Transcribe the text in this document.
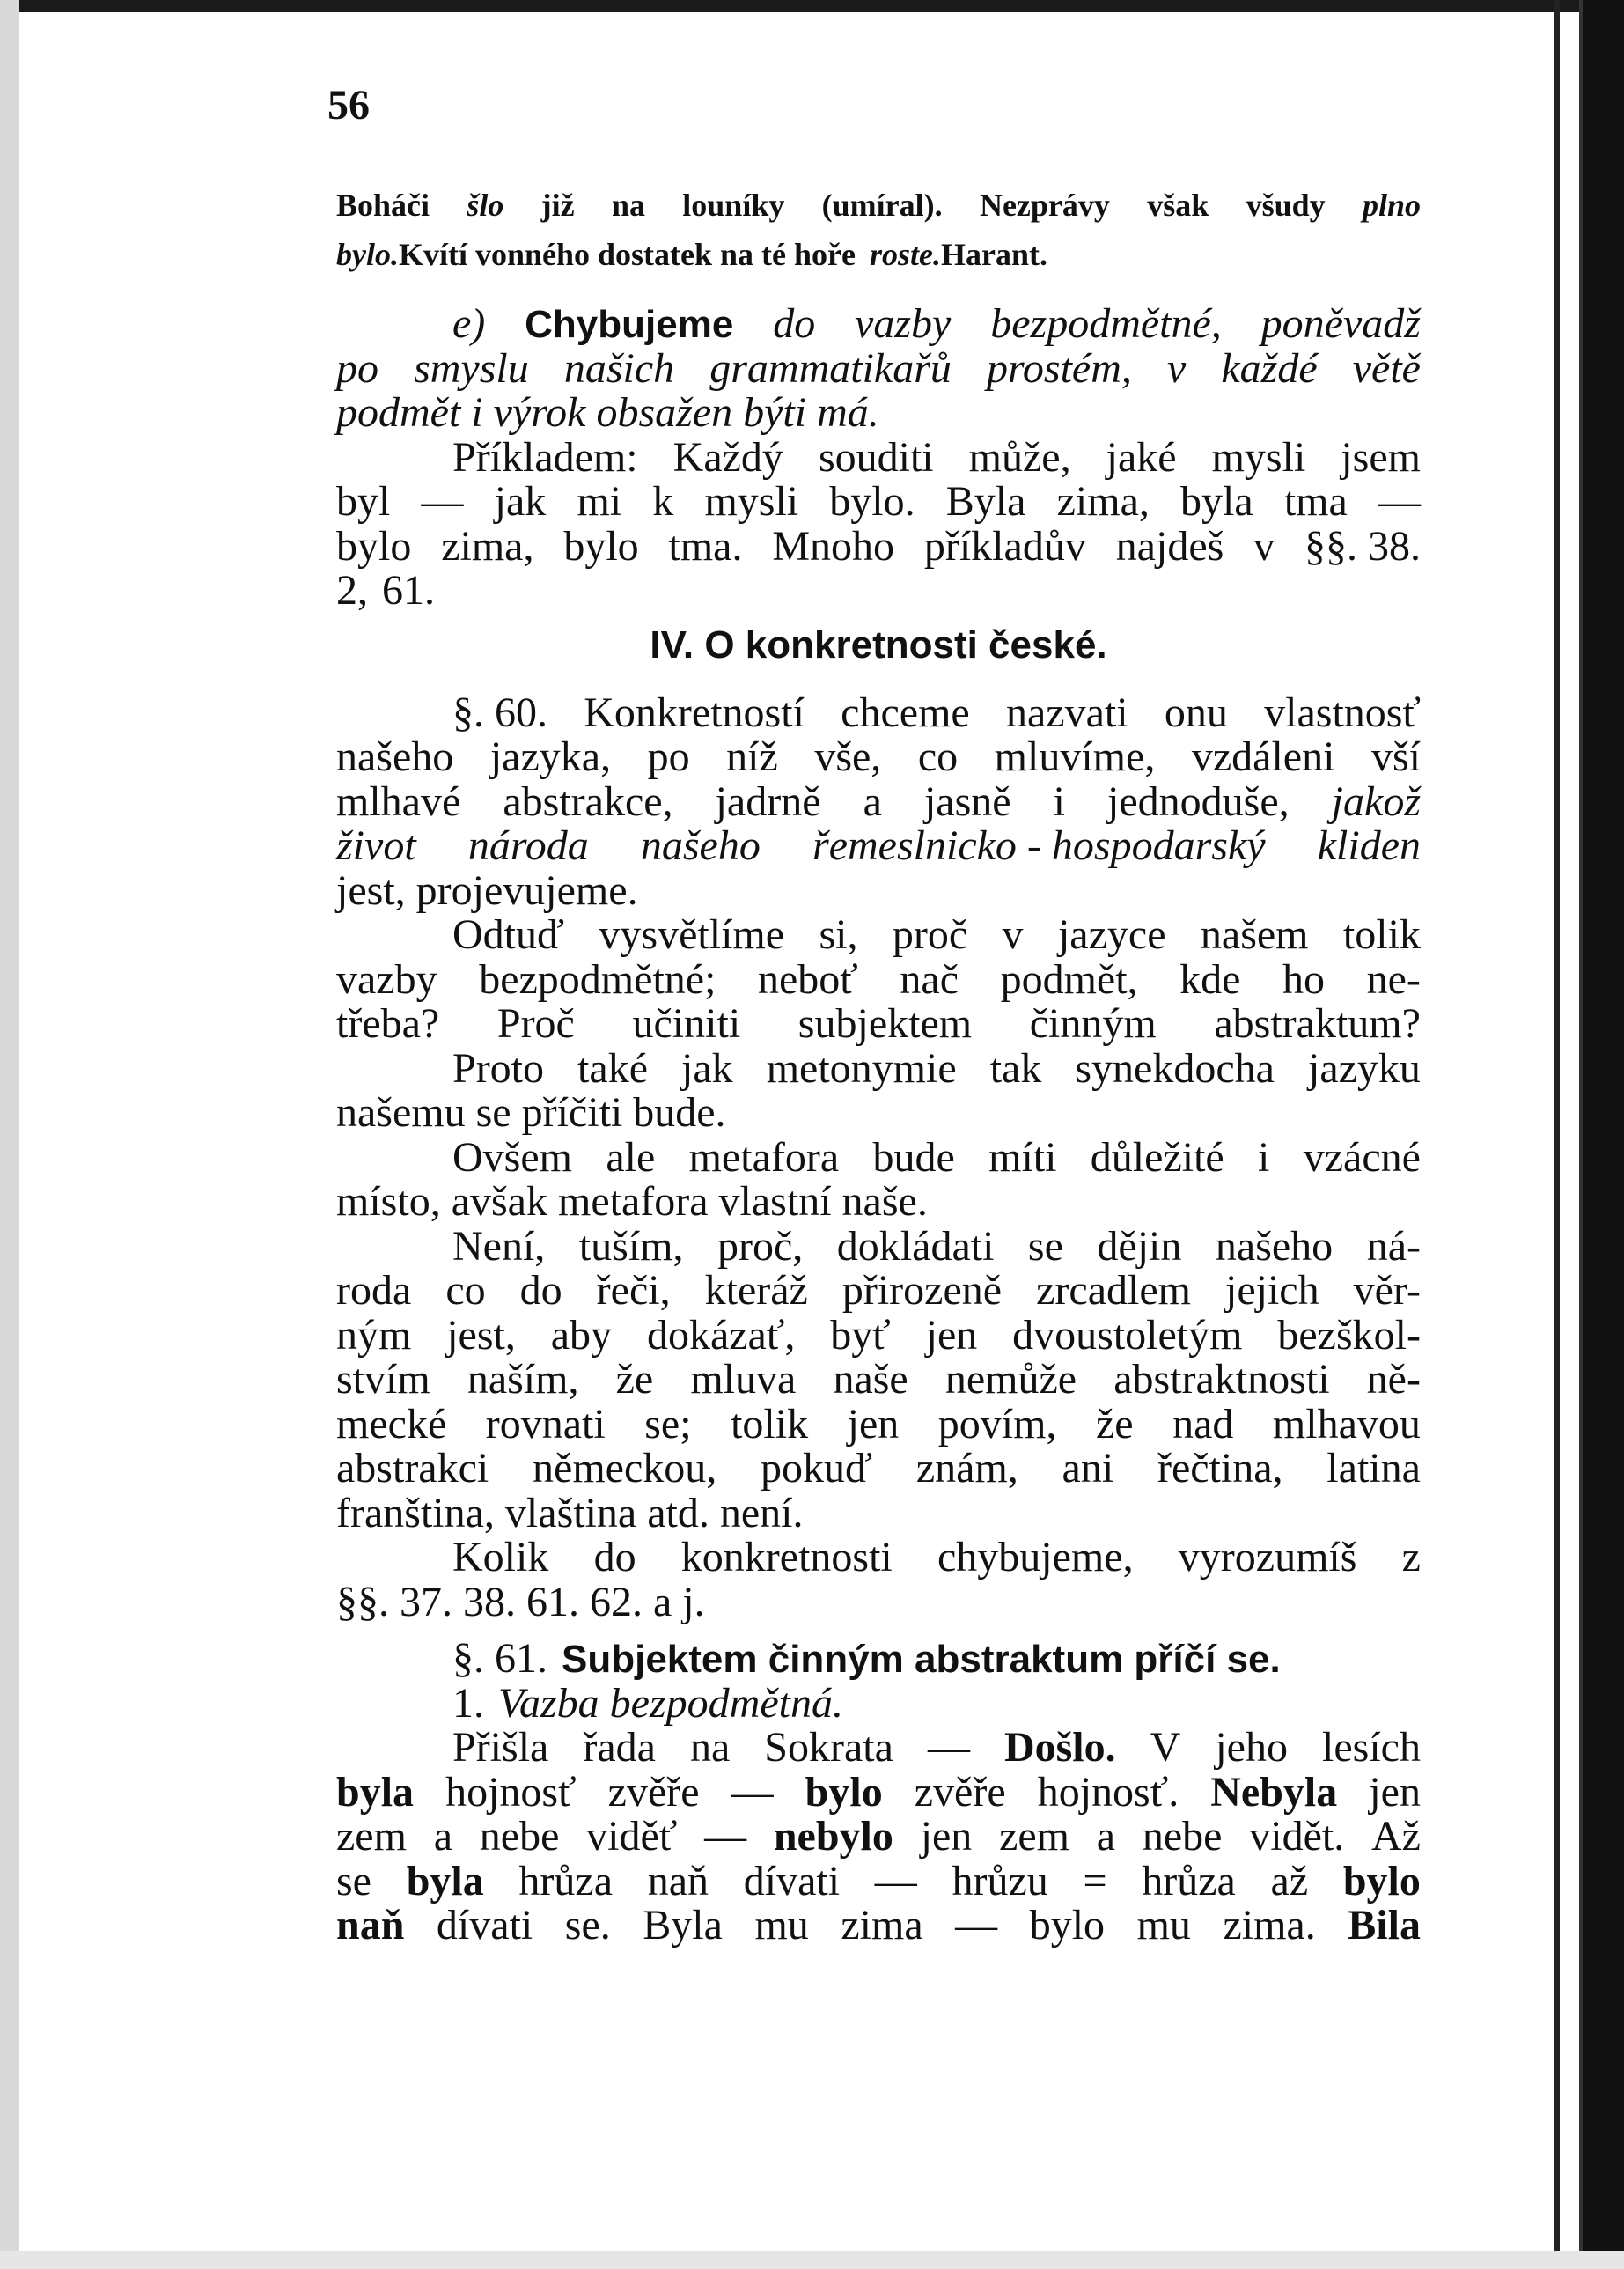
56
Boháči šlo již na louníky (umíral). Nezprávy však všudy plno
bylo. Kvítí vonného dostatek na té hoře roste. Harant.
e) Chybujeme do vazby bezpodmětné, poněvadž
po smyslu našich grammatikařů prostém, v každé větě
podmět i výrok obsažen býti má.
Příkladem: Každý souditi může, jaké mysli jsem
byl — jak mi k mysli bylo. Byla zima, byla tma —
bylo zima, bylo tma. Mnoho příkladův najdeš v §§. 38.
2, 61.
IV. O konkretnosti české.
§. 60. Konkretností chceme nazvati onu vlastnosť
našeho jazyka, po níž vše, co mluvíme, vzdáleni vší
mlhavé abstrakce, jadrně a jasně i jednoduše, jakož
život národa našeho řemeslnicko - hospodarský kliden
jest, projevujeme.
Odtuď vysvětlíme si, proč v jazyce našem tolik
vazby bezpodmětné; neboť nač podmět, kde ho ne-
třeba? Proč učiniti subjektem činným abstraktum?
Proto také jak metonymie tak synekdocha jazyku
našemu se příčiti bude.
Ovšem ale metafora bude míti důležité i vzácné
místo, avšak metafora vlastní naše.
Není, tuším, proč, dokládati se dějin našeho ná-
roda co do řeči, kteráž přirozeně zrcadlem jejich věr-
ným jest, aby dokázať, byť jen dvoustoletým bezškol-
stvím naším, že mluva naše nemůže abstraktnosti ně-
mecké rovnati se; tolik jen povím, že nad mlhavou
abstrakci německou, pokuď znám, ani řečtina, latina
franština, vlaština atd. není.
Kolik do konkretnosti chybujeme, vyrozumíš z
§§. 37. 38. 61. 62. a j.
§. 61. Subjektem činným abstraktum příčí se.
1. Vazba bezpodmětná.
Přišla řada na Sokrata — Došlo. V jeho lesích
byla hojnosť zvěře — bylo zvěře hojnosť. Nebyla jen
zem a nebe viděť — nebylo jen zem a nebe vidět. Až
se byla hrůza naň dívati — hrůzu = hrůza až bylo
naň dívati se. Byla mu zima — bylo mu zima. Bila
